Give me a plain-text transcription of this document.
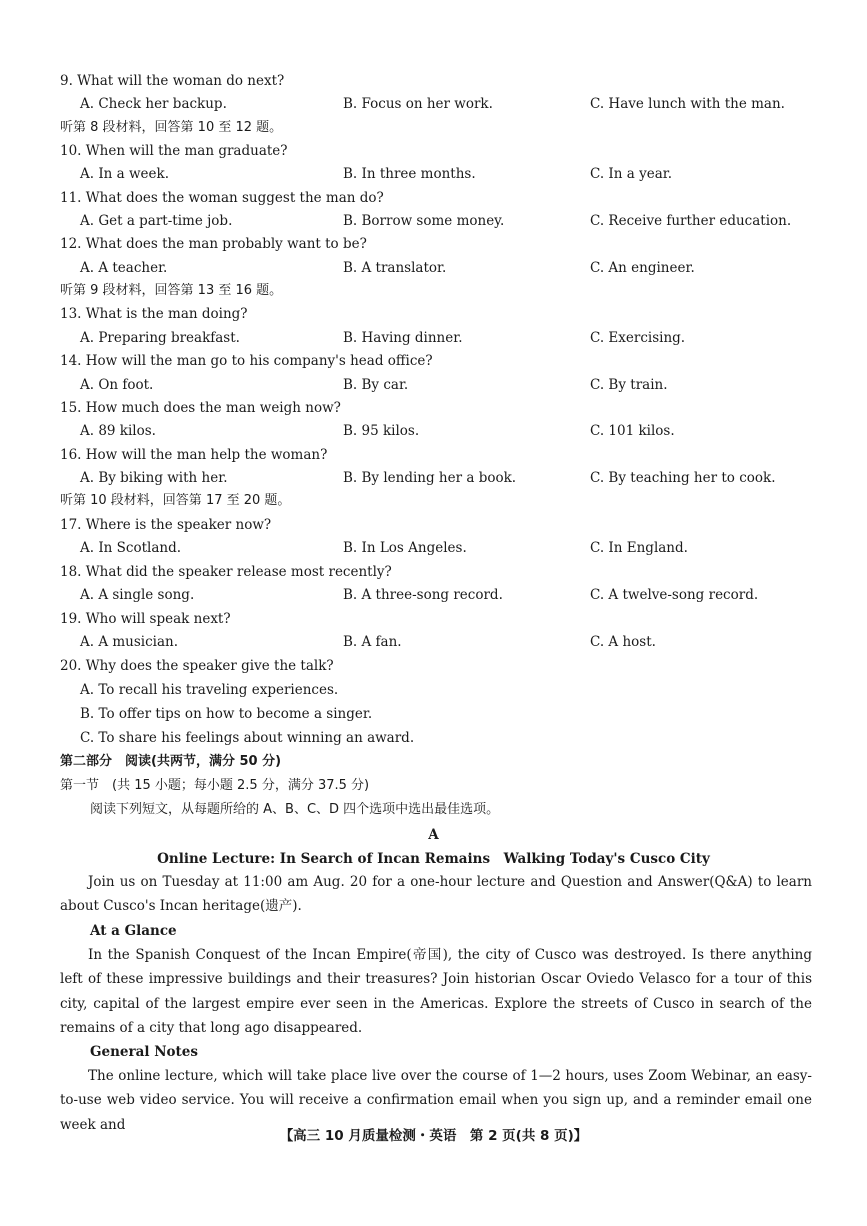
9. What will the woman do next?
A. Check her backup.	B. Focus on her work.	C. Have lunch with the man.
听第 8 段材料，回答第 10 至 12 题。
10. When will the man graduate?
A. In a week.	B. In three months.	C. In a year.
11. What does the woman suggest the man do?
A. Get a part-time job.	B. Borrow some money.	C. Receive further education.
12. What does the man probably want to be?
A. A teacher.	B. A translator.	C. An engineer.
听第 9 段材料，回答第 13 至 16 题。
13. What is the man doing?
A. Preparing breakfast.	B. Having dinner.	C. Exercising.
14. How will the man go to his company's head office?
A. On foot.	B. By car.	C. By train.
15. How much does the man weigh now?
A. 89 kilos.	B. 95 kilos.	C. 101 kilos.
16. How will the man help the woman?
A. By biking with her.	B. By lending her a book.	C. By teaching her to cook.
听第 10 段材料，回答第 17 至 20 题。
17. Where is the speaker now?
A. In Scotland.	B. In Los Angeles.	C. In England.
18. What did the speaker release most recently?
A. A single song.	B. A three-song record.	C. A twelve-song record.
19. Who will speak next?
A. A musician.	B. A fan.	C. A host.
20. Why does the speaker give the talk?
A. To recall his traveling experiences.
B. To offer tips on how to become a singer.
C. To share his feelings about winning an award.
第二部分　阅读(共两节，满分 50 分)
第一节　(共 15 小题；每小题 2.5 分，满分 37.5 分)
阅读下列短文，从每题所给的 A、B、C、D 四个选项中选出最佳选项。
A
Online Lecture: In Search of Incan Remains　Walking Today's Cusco City
Join us on Tuesday at 11:00 am Aug. 20 for a one-hour lecture and Question and Answer(Q&A) to learn about Cusco's Incan heritage(遗产).
At a Glance
In the Spanish Conquest of the Incan Empire(帝国), the city of Cusco was destroyed. Is there anything left of these impressive buildings and their treasures? Join historian Oscar Oviedo Velasco for a tour of this city, capital of the largest empire ever seen in the Americas. Explore the streets of Cusco in search of the remains of a city that long ago disappeared.
General Notes
The online lecture, which will take place live over the course of 1—2 hours, uses Zoom Webinar, an easy-to-use web video service. You will receive a confirmation email when you sign up, and a reminder email one week and
【高三 10 月质量检测・英语　第 2 页(共 8 页)】
